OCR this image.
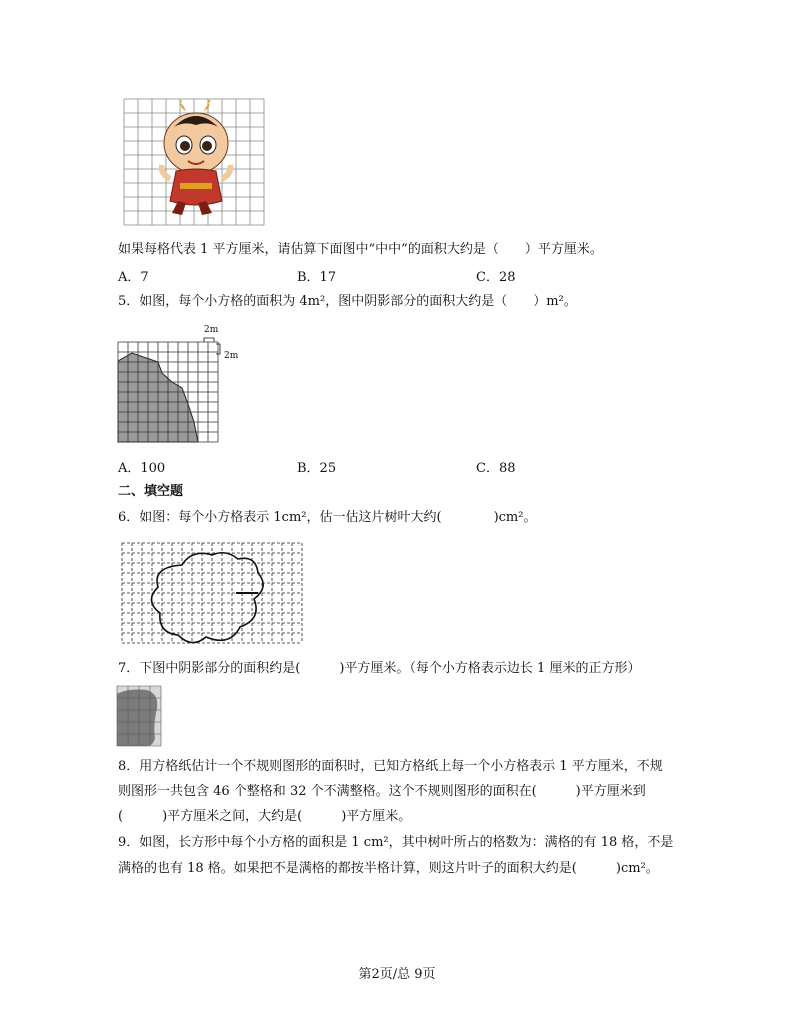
如果每格代表 1 平方厘米，请估算下面图中“中中”的面积大约是（　　）平方厘米。
A．7	B．17	C．28
5．如图，每个小方格的面积为 4m²，图中阴影部分的面积大约是（　　）m²。
2m
2m
A．100	B．25	C．88
二、填空题
6．如图：每个小方格表示 1cm²，估一估这片树叶大约(　　　　)cm²。
7．下图中阴影部分的面积约是(　　　)平方厘米。（每个小方格表示边长 1 厘米的正方形）
8．用方格纸估计一个不规则图形的面积时，已知方格纸上每一个小方格表示 1 平方厘米，不规
则图形一共包含 46 个整格和 32 个不满整格。这个不规则图形的面积在(　　　)平方厘米到
(　　　)平方厘米之间，大约是(　　　)平方厘米。
9．如图，长方形中每个小方格的面积是 1 cm²，其中树叶所占的格数为：满格的有 18 格，不是
满格的也有 18 格。如果把不是满格的都按半格计算，则这片叶子的面积大约是(　　　)cm²。
第2页/总 9页
